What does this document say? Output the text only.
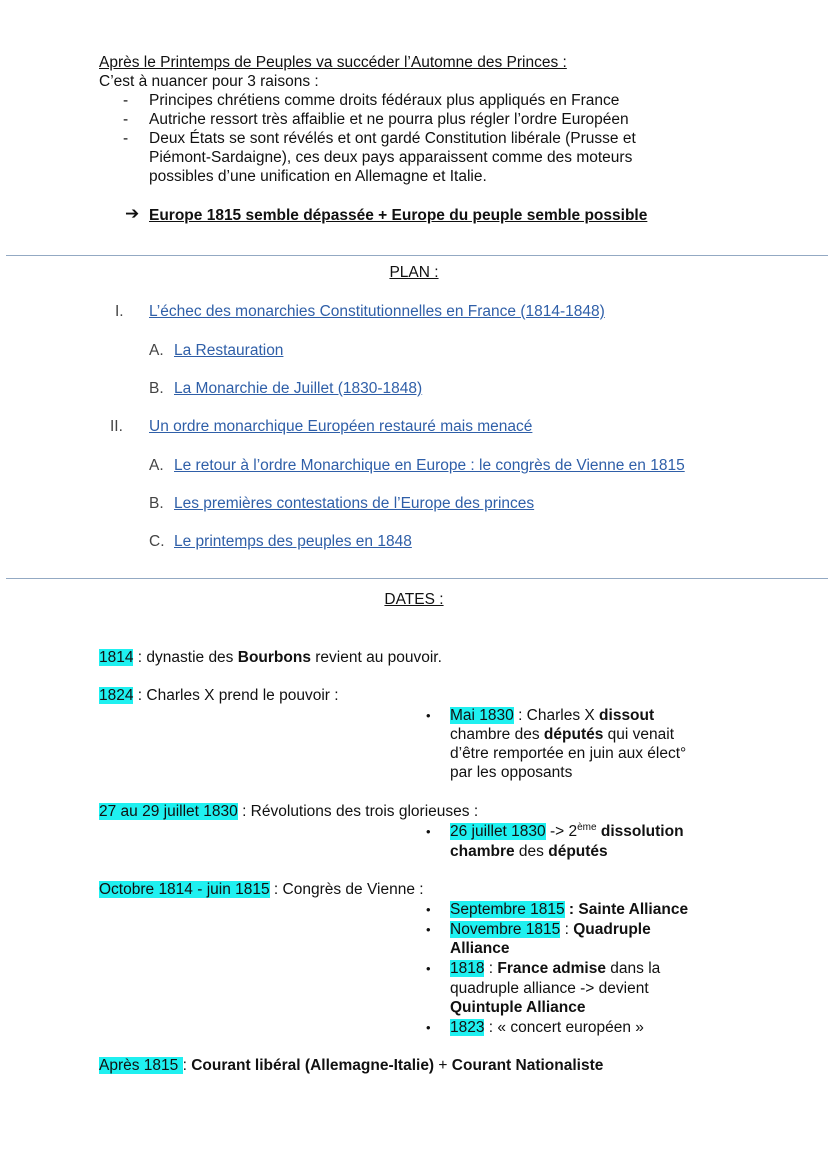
Après le Printemps de Peuples va succéder l’Automne des Princes :
C’est à nuancer pour 3 raisons :
-	Principes chrétiens comme droits fédéraux plus appliqués en France
-	Autriche ressort très affaiblie et ne pourra plus régler l’ordre Européen
-	Deux États se sont révélés et ont gardé Constitution libérale (Prusse et
Piémont-Sardaigne), ces deux pays apparaissent comme des moteurs
possibles d’une unification en Allemagne et Italie.
➔ Europe 1815 semble dépassée + Europe du peuple semble possible
PLAN :
I. L’échec des monarchies Constitutionnelles en France (1814-1848)
A. La Restauration
B. La Monarchie de Juillet (1830-1848)
II. Un ordre monarchique Européen restauré mais menacé
A. Le retour à l’ordre Monarchique en Europe : le congrès de Vienne en 1815
B. Les premières contestations de l’Europe des princes
C. Le printemps des peuples en 1848
DATES :
1814 : dynastie des Bourbons revient au pouvoir.
1824 : Charles X prend le pouvoir :
• Mai 1830 : Charles X dissout
chambre des députés qui venait
d’être remportée en juin aux élect°
par les opposants
27 au 29 juillet 1830 : Révolutions des trois glorieuses :
• 26 juillet 1830 -> 2ème dissolution
chambre des députés
Octobre 1814 - juin 1815 : Congrès de Vienne :
• Septembre 1815 : Sainte Alliance
• Novembre 1815 : Quadruple
Alliance
• 1818 : France admise dans la
quadruple alliance -> devient
Quintuple Alliance
• 1823 : « concert européen »
Après 1815 : Courant libéral (Allemagne-Italie) + Courant Nationaliste
